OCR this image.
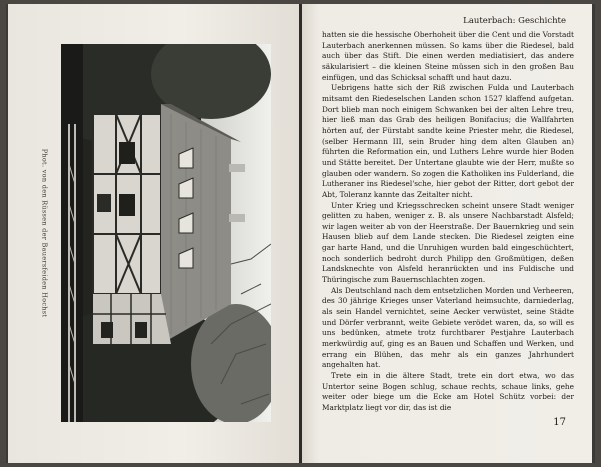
Phot. von den Rüssen der Bauersfeiden Hochst
Lauterbach: Geschichte

hatten sie die hessische Oberhoheit über die Cent und die Vorstadt Lauterbach anerkennen müssen. So kams über die Riedesel, bald auch über das Stift. Die einen werden mediatisiert, das andere säkularisiert – die kleinen Steine müssen sich in den großen Bau einfügen, und das Schicksal schafft und haut dazu.

Uebrigens hatte sich der Riß zwischen Fulda und Lauterbach mitsamt den Riedeselschen Landen schon 1527 klaffend aufgetan. Dort blieb man noch einigem Schwanken bei der alten Lehre treu, hier ließ man das Grab des heiligen Bonifacius; die Wallfahrten hörten auf, der Fürstabt sandte keine Priester mehr, die Riedesel, (selber Hermann III, sein Bruder hing dem alten Glauben an) führten die Reformation ein, und Luthers Lehre wurde hier Boden und Stätte bereitet. Der Untertane glaubte wie der Herr, mußte so glauben oder wandern. So zogen die Katholiken ins Fulderland, die Lutheraner ins Riedesel'sche, hier gebot der Ritter, dort gebot der Abt, Toleranz kannte das Zeitalter nicht.

Unter Krieg und Kriegsschrecken scheint unsere Stadt weniger gelitten zu haben, weniger z. B. als unsere Nachbarstadt Alsfeld; wir lagen weiter ab von der Heerstraße. Der Bauernkrieg und sein Hausen blieb auf dem Lande stecken. Die Riedesel zeigten eine gar harte Hand, und die Unruhigen wurden bald eingeschüchtert, noch sonderlich bedroht durch Philipp den Großmütigen, deßen Landsknechte von Alsfeld heranrückten und ins Fuldische und Thüringische zum Bauernschlachten zogen.

Als Deutschland nach dem entsetzlichen Morden und Verheeren, des 30 jährige Krieges unser Vaterland heimsuchte, darniederlag, als sein Handel vernichtet, seine Aecker verwüstet, seine Städte und Dörfer verbrannt, weite Gebiete verödet waren, da, so will es uns bedünken, atmete trotz furchtbarer Pestjahre Lauterbach merkwürdig auf, ging es an Bauen und Schaffen und Werken, und errang ein Blühen, das mehr als ein ganzes Jahrhundert angehalten hat.

Trete ein in die ältere Stadt, trete ein dort etwa, wo das Untertor seine Bogen schlug, schaue rechts, schaue links, gehe weiter oder biege um die Ecke am Hotel Schütz vorbei: der Marktplatz liegt vor dir, das ist die

17
